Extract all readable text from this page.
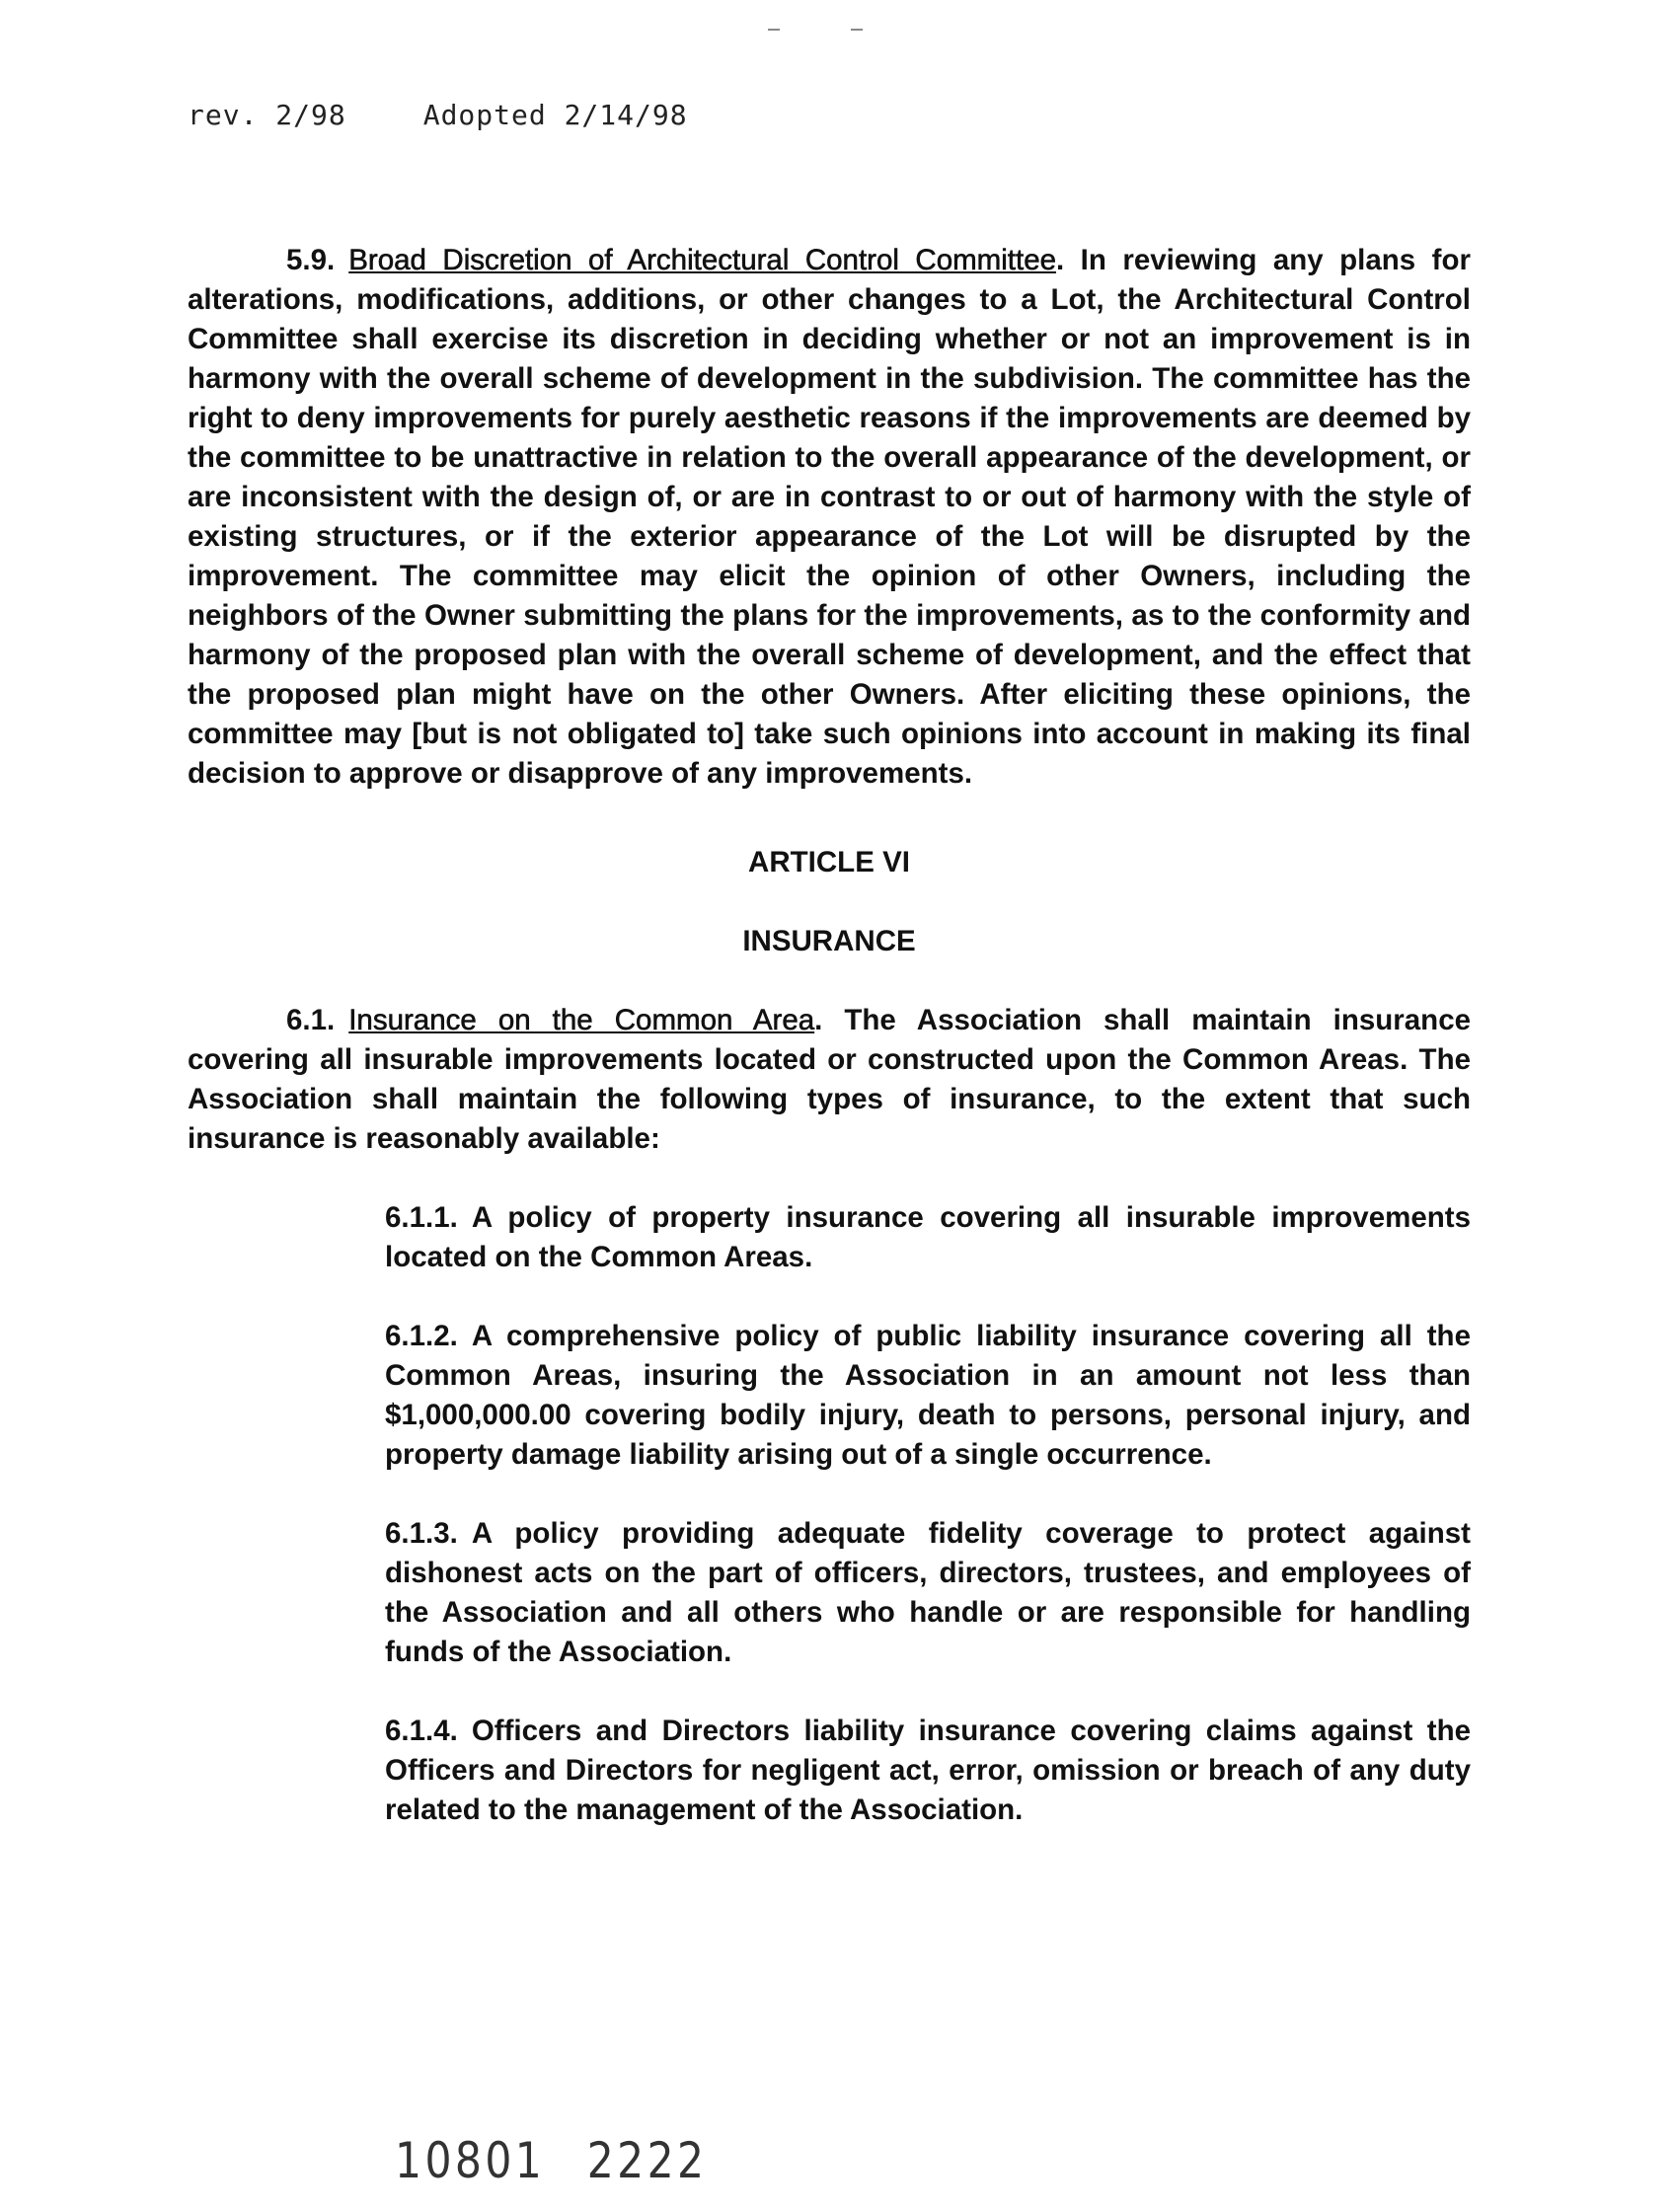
rev. 2/98	Adopted 2/14/98

5.9. Broad Discretion of Architectural Control Committee. In reviewing any plans for alterations, modifications, additions, or other changes to a Lot, the Architectural Control Committee shall exercise its discretion in deciding whether or not an improvement is in harmony with the overall scheme of development in the subdivision. The committee has the right to deny improvements for purely aesthetic reasons if the improvements are deemed by the committee to be unattractive in relation to the overall appearance of the development, or are inconsistent with the design of, or are in contrast to or out of harmony with the style of existing structures, or if the exterior appearance of the Lot will be disrupted by the improvement. The committee may elicit the opinion of other Owners, including the neighbors of the Owner submitting the plans for the improvements, as to the conformity and harmony of the proposed plan with the overall scheme of development, and the effect that the proposed plan might have on the other Owners. After eliciting these opinions, the committee may [but is not obligated to] take such opinions into account in making its final decision to approve or disapprove of any improvements.

ARTICLE VI

INSURANCE

6.1. Insurance on the Common Area. The Association shall maintain insurance covering all insurable improvements located or constructed upon the Common Areas. The Association shall maintain the following types of insurance, to the extent that such insurance is reasonably available:

6.1.1. A policy of property insurance covering all insurable improvements located on the Common Areas.

6.1.2. A comprehensive policy of public liability insurance covering all the Common Areas, insuring the Association in an amount not less than $1,000,000.00 covering bodily injury, death to persons, personal injury, and property damage liability arising out of a single occurrence.

6.1.3. A policy providing adequate fidelity coverage to protect against dishonest acts on the part of officers, directors, trustees, and employees of the Association and all others who handle or are responsible for handling funds of the Association.

6.1.4. Officers and Directors liability insurance covering claims against the Officers and Directors for negligent act, error, omission or breach of any duty related to the management of the Association.

10801 2222
